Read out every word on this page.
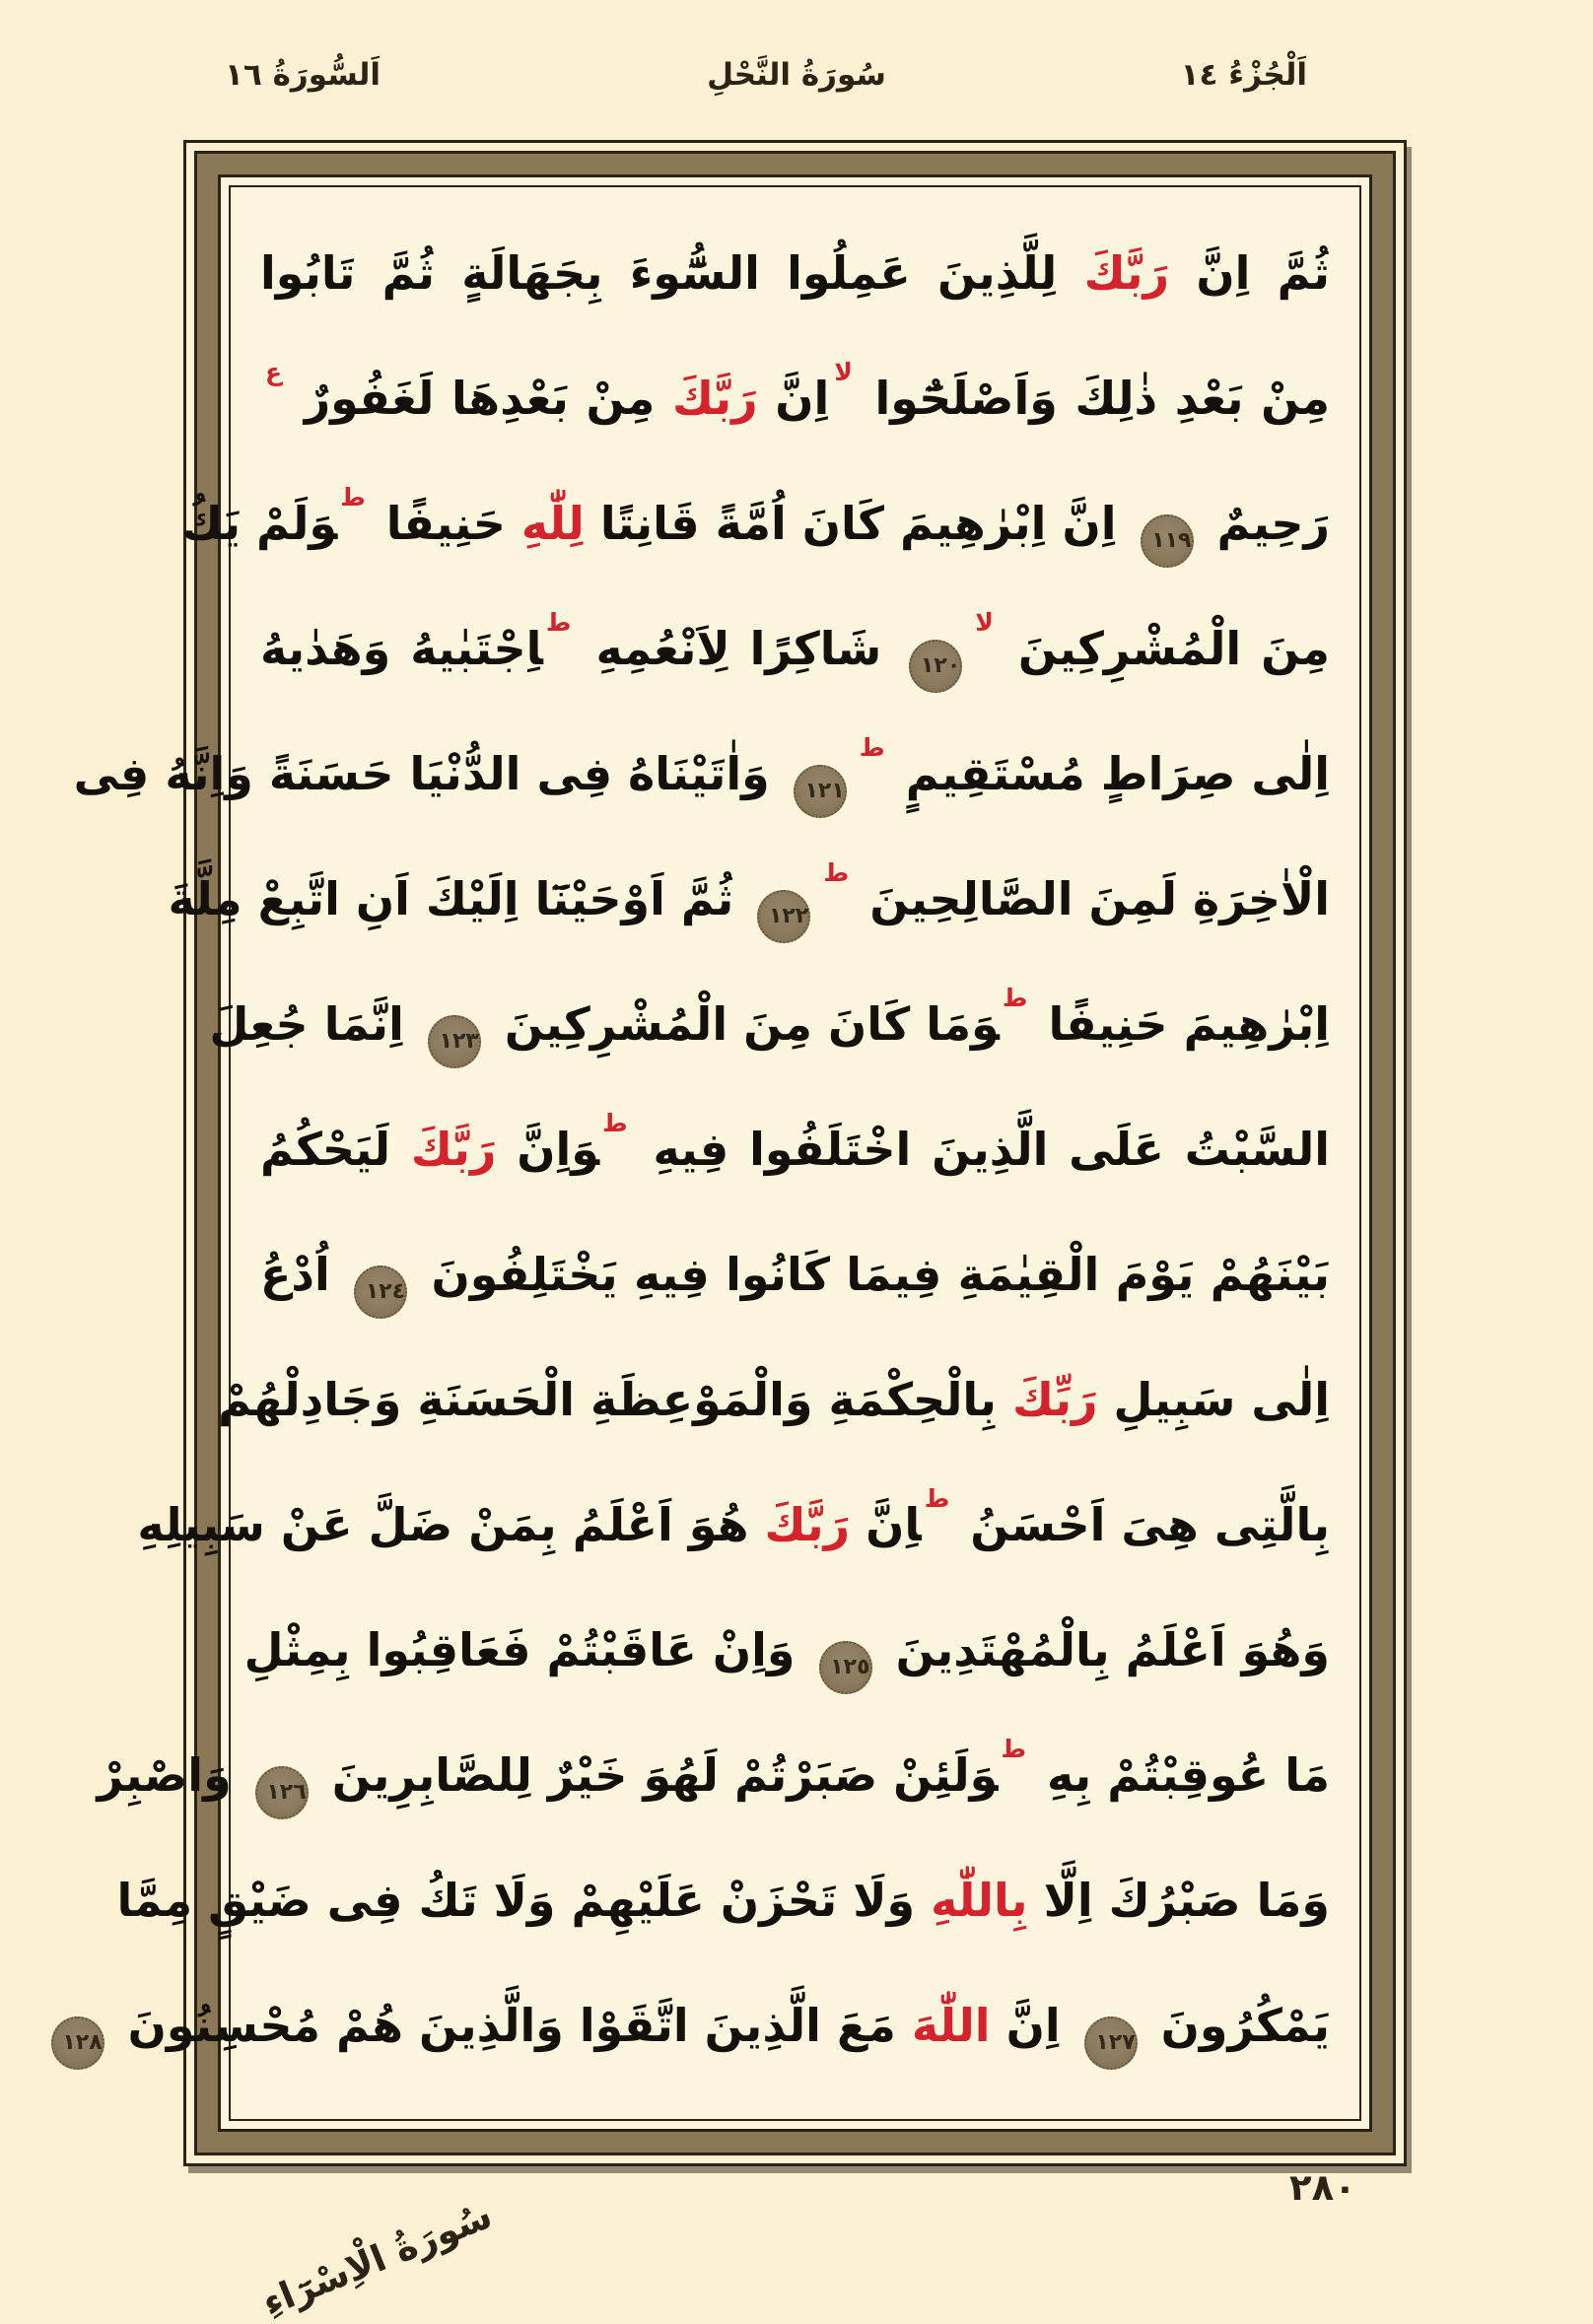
اَلْجُزْءُ ١٤
سُورَةُ النَّحْلِ
اَلسُّورَةُ ١٦
ثُمَّ اِنَّ رَبَّكَ لِلَّذِينَ عَمِلُوا السُّٓوءَ بِجَهَالَةٍ ثُمَّ تَابُوا
مِنْ بَعْدِ ذٰلِكَ وَاَصْلَحُٓوا $^{لا}$اِنَّ رَبَّكَ مِنْ بَعْدِهَا لَغَفُورٌ $^ع$
رَحِيمٌ ١١٩ اِنَّ اِبْرٰهِيمَ كَانَ اُمَّةً قَانِتًا لِلّٰهِ حَنِيفًا $^ط$وَلَمْ يَكُ
مِنَ الْمُشْرِكِينَ $^{لا}$١٢٠ شَاكِرًا لِاَنْعُمِهِ $^ط$اِجْتَبٰيهُ وَهَدٰيهُ
اِلٰى صِرَاطٍ مُسْتَقِيمٍ $^ط$١٢١ وَاٰتَيْنَاهُ فِى الدُّنْيَا حَسَنَةً وَاِنَّهُ فِى
الْاٰخِرَةِ لَمِنَ الصَّالِحِينَ $^ط$١٢٢ ثُمَّ اَوْحَيْنَٓا اِلَيْكَ اَنِ اتَّبِعْ مِلَّةَ
اِبْرٰهِيمَ حَنِيفًا $^ط$وَمَا كَانَ مِنَ الْمُشْرِكِينَ ١٢٣ اِنَّمَا جُعِلَ
السَّبْتُ عَلَى الَّذِينَ اخْتَلَفُوا فِيهِ $^ط$وَاِنَّ رَبَّكَ لَيَحْكُمُ
بَيْنَهُمْ يَوْمَ الْقِيٰمَةِ فِيمَا كَانُوا فِيهِ يَخْتَلِفُونَ ١٢٤ اُدْعُ
اِلٰى سَبِيلِ رَبِّكَ بِالْحِكْمَةِ وَالْمَوْعِظَةِ الْحَسَنَةِ وَجَادِلْهُمْ
بِالَّتِى هِىَ اَحْسَنُ $^ط$اِنَّ رَبَّكَ هُوَ اَعْلَمُ بِمَنْ ضَلَّ عَنْ سَبِيلِهِ
وَهُوَ اَعْلَمُ بِالْمُهْتَدِينَ ١٢٥ وَاِنْ عَاقَبْتُمْ فَعَاقِبُوا بِمِثْلِ
مَا عُوقِبْتُمْ بِهِ $^ط$وَلَئِنْ صَبَرْتُمْ لَهُوَ خَيْرٌ لِلصَّابِرِينَ ١٢٦ وَاصْبِرْ
وَمَا صَبْرُكَ اِلَّا بِاللّٰهِ وَلَا تَحْزَنْ عَلَيْهِمْ وَلَا تَكُ فِى ضَيْقٍ مِمَّا
يَمْكُرُونَ ١٢٧ اِنَّ اللّٰهَ مَعَ الَّذِينَ اتَّقَوْا وَالَّذِينَ هُمْ مُحْسِنُونَ ١٢٨
٢٨٠
سُورَةُ الْاِسْرَٓاءِ
